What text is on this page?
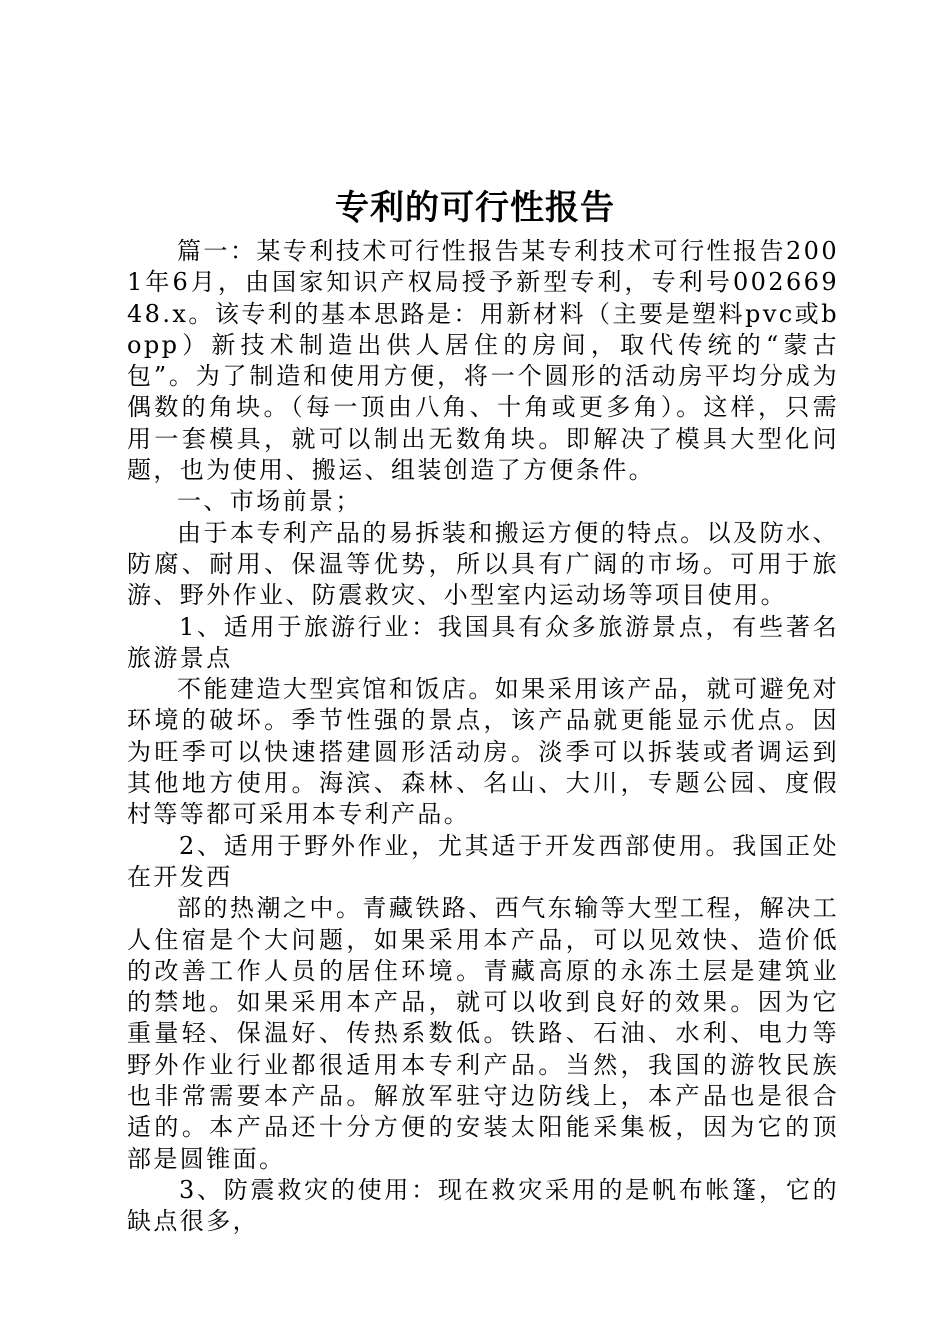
专利的可行性报告

篇一：某专利技术可行性报告某专利技术可行性报告2001年6月，由国家知识产权局授予新型专利，专利号00266948.x。该专利的基本思路是：用新材料（主要是塑料pvc或bopp）新技术制造出供人居住的房间，取代传统的“蒙古包”。为了制造和使用方便，将一个圆形的活动房平均分成为偶数的角块。（每一顶由八角、十角或更多角）。这样，只需用一套模具，就可以制出无数角块。即解决了模具大型化问题，也为使用、搬运、组装创造了方便条件。

一、市场前景；

由于本专利产品的易拆装和搬运方便的特点。以及防水、防腐、耐用、保温等优势，所以具有广阔的市场。可用于旅游、野外作业、防震救灾、小型室内运动场等项目使用。

1、适用于旅游行业：我国具有众多旅游景点，有些著名旅游景点

不能建造大型宾馆和饭店。如果采用该产品，就可避免对环境的破坏。季节性强的景点，该产品就更能显示优点。因为旺季可以快速搭建圆形活动房。淡季可以拆装或者调运到其他地方使用。海滨、森林、名山、大川，专题公园、度假村等等都可采用本专利产品。

2、适用于野外作业，尤其适于开发西部使用。我国正处在开发西

部的热潮之中。青藏铁路、西气东输等大型工程，解决工人住宿是个大问题，如果采用本产品，可以见效快、造价低的改善工作人员的居住环境。青藏高原的永冻土层是建筑业的禁地。如果采用本产品，就可以收到良好的效果。因为它重量轻、保温好、传热系数低。铁路、石油、水利、电力等野外作业行业都很适用本专利产品。当然，我国的游牧民族也非常需要本产品。解放军驻守边防线上，本产品也是很合适的。本产品还十分方便的安装太阳能采集板，因为它的顶部是圆锥面。

3、防震救灾的使用：现在救灾采用的是帆布帐篷，它的缺点很多，
